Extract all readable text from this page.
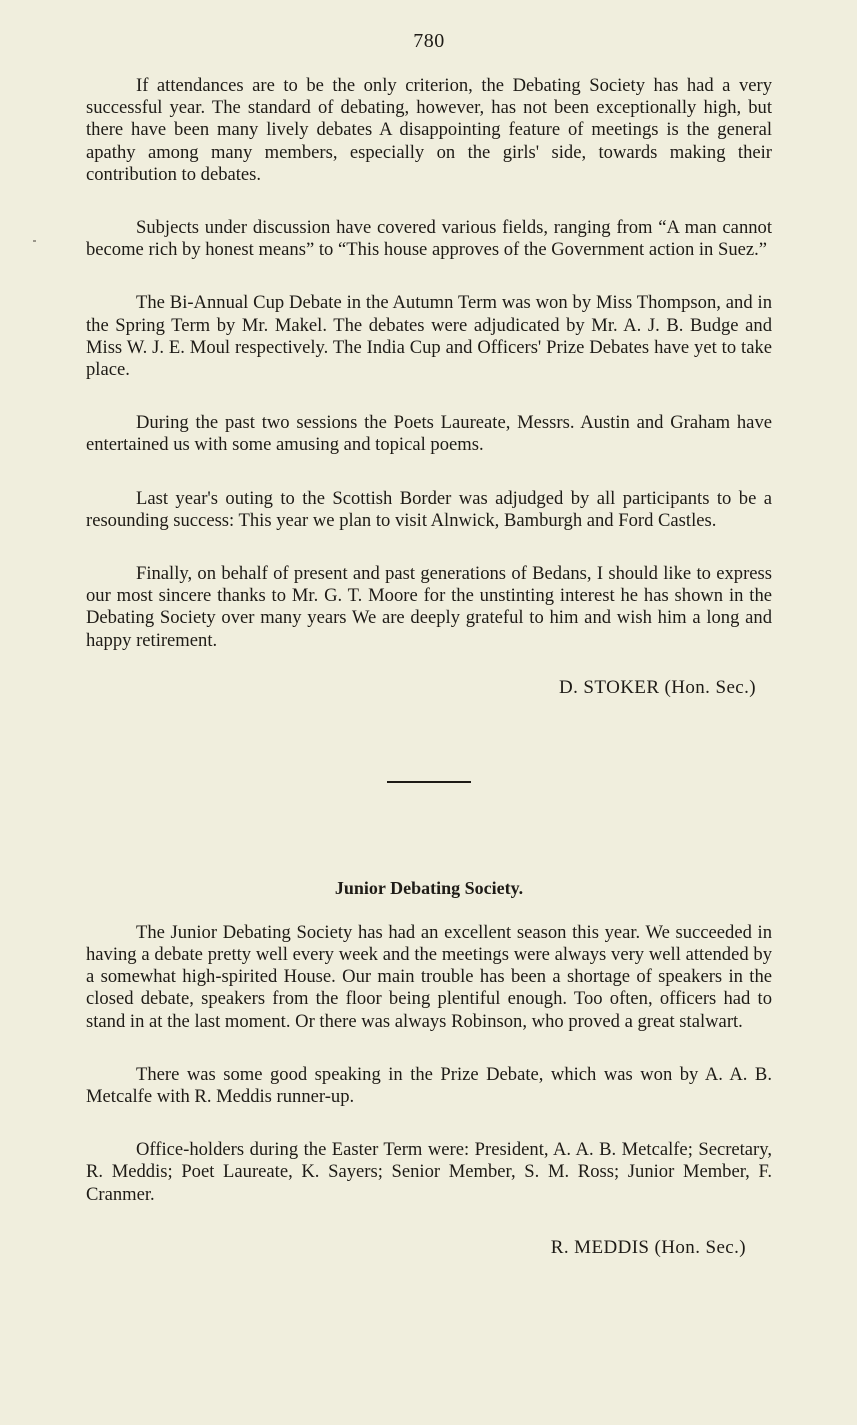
780

If attendances are to be the only criterion, the Debating Society has had a very successful year. The standard of debating, however, has not been exceptionally high, but there have been many lively debates A disappointing feature of meetings is the general apathy among many members, especially on the girls' side, towards making their contribution to debates.

Subjects under discussion have covered various fields, ranging from “A man cannot become rich by honest means” to “This house approves of the Government action in Suez.”

The Bi-Annual Cup Debate in the Autumn Term was won by Miss Thompson, and in the Spring Term by Mr. Makel. The debates were adjudicated by Mr. A. J. B. Budge and Miss W. J. E. Moul respectively. The India Cup and Officers' Prize Debates have yet to take place.

During the past two sessions the Poets Laureate, Messrs. Austin and Graham have entertained us with some amusing and topical poems.

Last year's outing to the Scottish Border was adjudged by all participants to be a resounding success: This year we plan to visit Alnwick, Bamburgh and Ford Castles.

Finally, on behalf of present and past generations of Bedans, I should like to express our most sincere thanks to Mr. G. T. Moore for the unstinting interest he has shown in the Debating Society over many years We are deeply grateful to him and wish him a long and happy retirement.

D. STOKER (Hon. Sec.)
Junior Debating Society.

The Junior Debating Society has had an excellent season this year. We succeeded in having a debate pretty well every week and the meetings were always very well attended by a somewhat high-spirited House. Our main trouble has been a shortage of speakers in the closed debate, speakers from the floor being plentiful enough. Too often, officers had to stand in at the last moment. Or there was always Robinson, who proved a great stalwart.

There was some good speaking in the Prize Debate, which was won by A. A. B. Metcalfe with R. Meddis runner-up.

Office-holders during the Easter Term were: President, A. A. B. Metcalfe; Secretary, R. Meddis; Poet Laureate, K. Sayers; Senior Member, S. M. Ross; Junior Member, F. Cranmer.

R. MEDDIS (Hon. Sec.)
